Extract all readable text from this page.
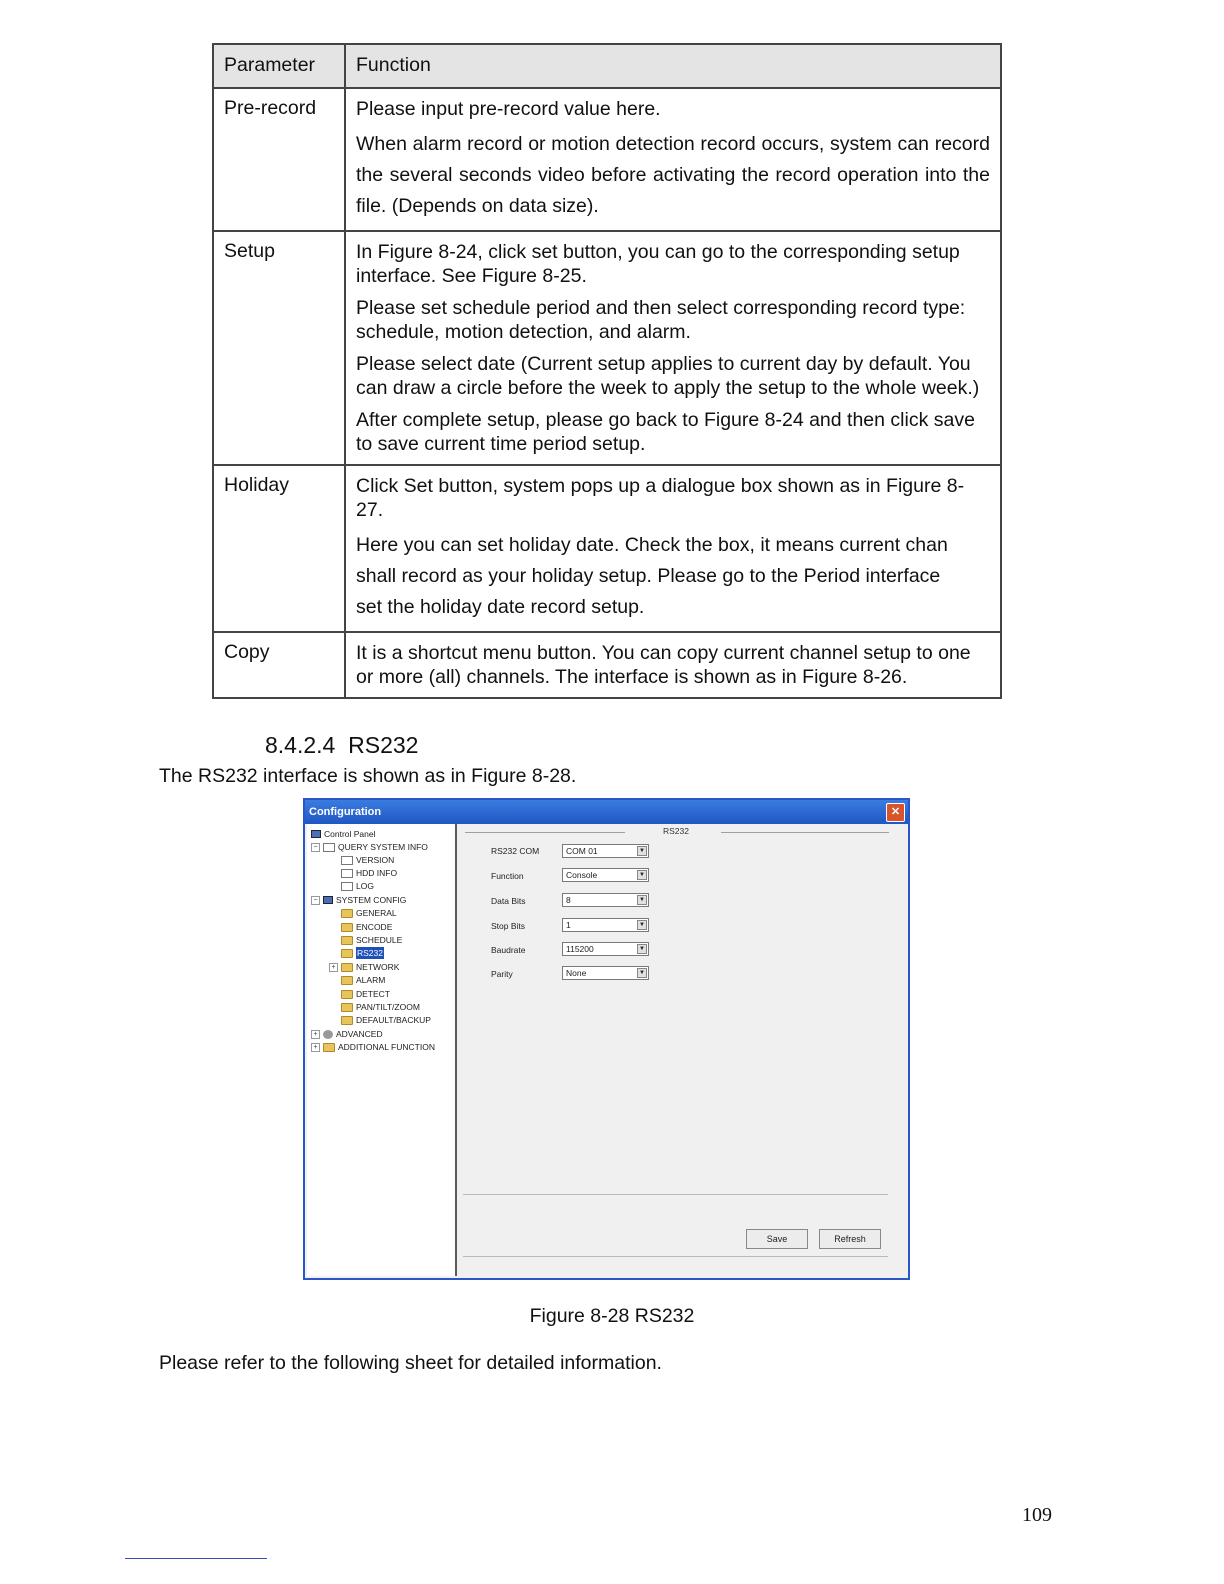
Parameter	Function
Pre-record	Please input pre-record value here.

When alarm record or motion detection record occurs, system can record the several seconds video before activating the record operation into the file. (Depends on data size).

Setup	In Figure 8-24, click set button, you can go to the corresponding setup interface. See Figure 8-25.

Please set schedule period and then select corresponding record type: schedule, motion detection, and alarm.

Please select date (Current setup applies to current day by default. You can draw a circle before the week to apply the setup to the whole week.)

After complete setup, please go back to Figure 8-24 and then click save to save current time period setup.

Holiday	Click Set button, system pops up a dialogue box shown as in Figure 8-27.

Here you can set holiday date. Check the box, it means current chan

shall record as your holiday setup. Please go to the Period interface

set the holiday date record setup.

Copy	It is a shortcut menu button. You can copy current channel setup to one or more (all) channels. The interface is shown as in Figure 8-26.

8.4.2.4 RS232
The RS232 interface is shown as in Figure 8-28.
Configuration	✕
Control Panel
− QUERY SYSTEM INFO
VERSION
HDD INFO
LOG
− SYSTEM CONFIG
GENERAL
ENCODE
SCHEDULE
RS232
+ NETWORK
ALARM
DETECT
PAN/TILT/ZOOM
DEFAULT/BACKUP
+ ADVANCED
+ ADDITIONAL FUNCTION
RS232
RS232 COM	COM 01	▼
Function	Console	▼
Data Bits	8	▼
Stop Bits	1	▼
Baudrate	115200	▼
Parity	None	▼
Save	Refresh
Figure 8-28 RS232
Please refer to the following sheet for detailed information.
109
